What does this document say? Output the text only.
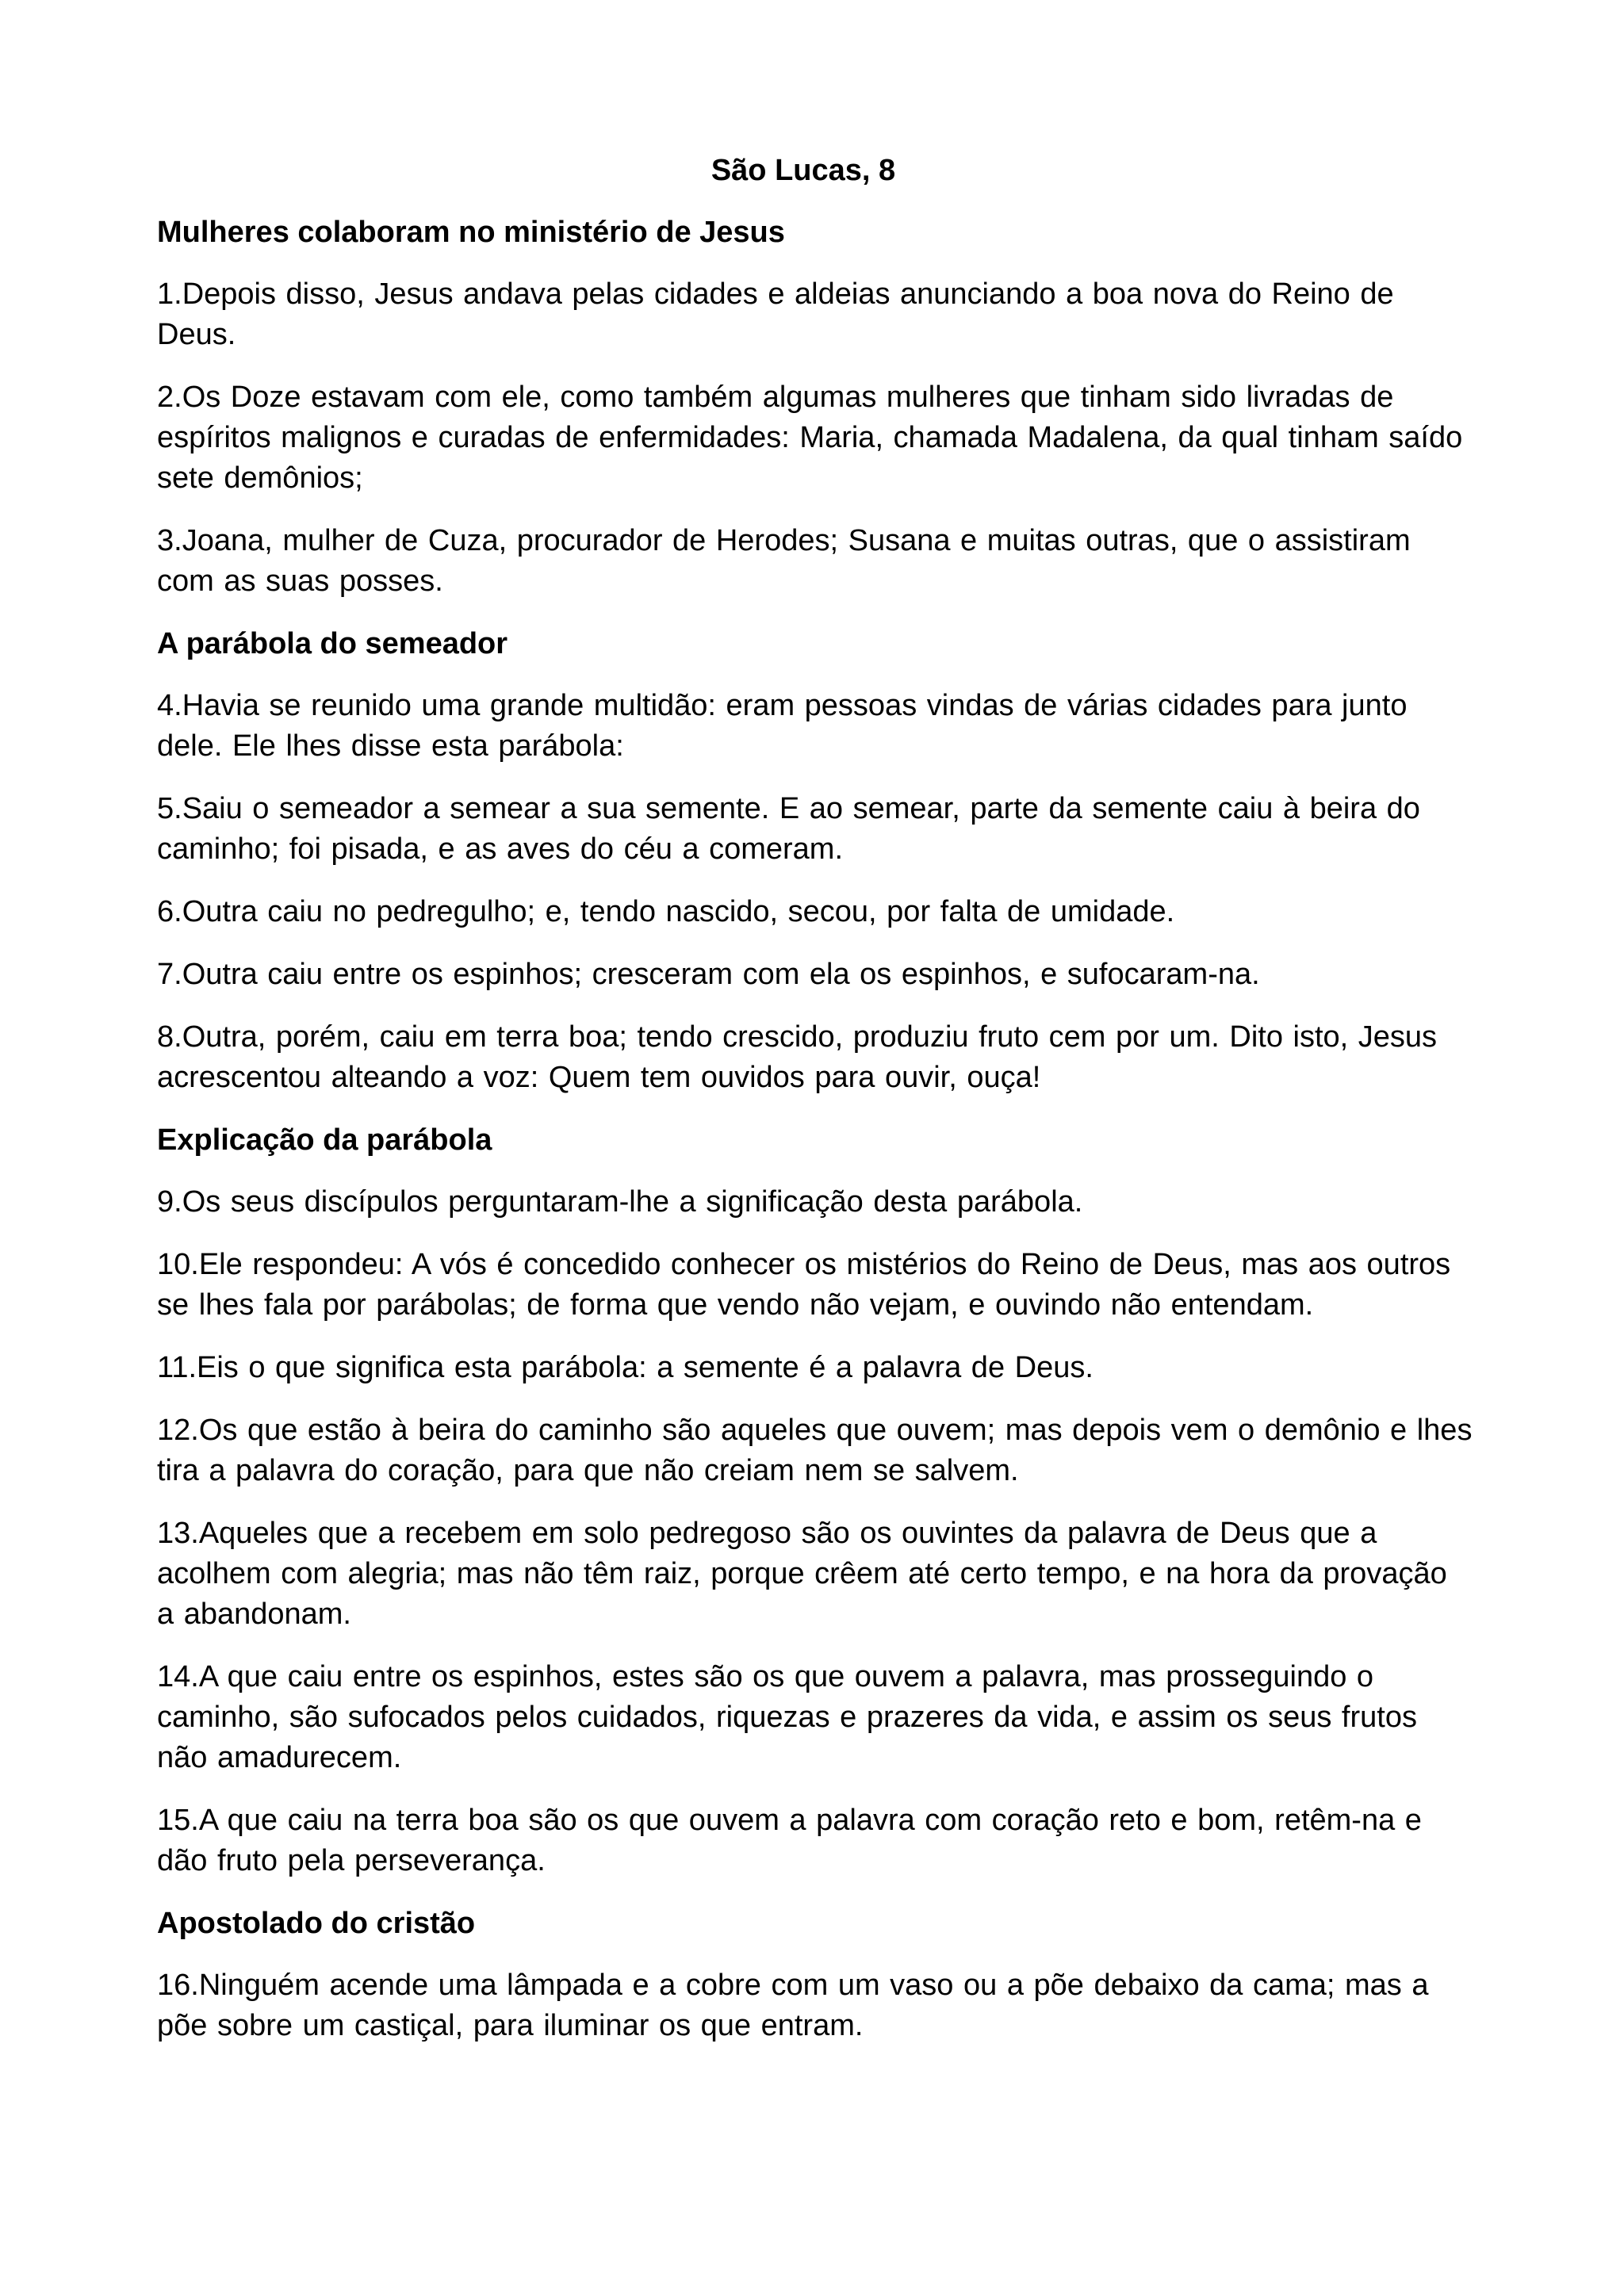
São Lucas, 8
Mulheres colaboram no ministério de Jesus

1.Depois disso, Jesus andava pelas cidades e aldeias anunciando a boa nova do Reino de Deus.

2.Os Doze estavam com ele, como também algumas mulheres que tinham sido livradas de espíritos malignos e curadas de enfermidades: Maria, chamada Madalena, da qual tinham saído sete demônios;

3.Joana, mulher de Cuza, procurador de Herodes; Susana e muitas outras, que o assistiram com as suas posses.

A parábola do semeador

4.Havia se reunido uma grande multidão: eram pessoas vindas de várias cidades para junto dele. Ele lhes disse esta parábola:

5.Saiu o semeador a semear a sua semente. E ao semear, parte da semente caiu à beira do caminho; foi pisada, e as aves do céu a comeram.

6.Outra caiu no pedregulho; e, tendo nascido, secou, por falta de umidade.

7.Outra caiu entre os espinhos; cresceram com ela os espinhos, e sufocaram-na.

8.Outra, porém, caiu em terra boa; tendo crescido, produziu fruto cem por um. Dito isto, Jesus acrescentou alteando a voz: Quem tem ouvidos para ouvir, ouça!

Explicação da parábola

9.Os seus discípulos perguntaram-lhe a significação desta parábola.

10.Ele respondeu: A vós é concedido conhecer os mistérios do Reino de Deus, mas aos outros se lhes fala por parábolas; de forma que vendo não vejam, e ouvindo não entendam.

11.Eis o que significa esta parábola: a semente é a palavra de Deus.

12.Os que estão à beira do caminho são aqueles que ouvem; mas depois vem o demônio e lhes tira a palavra do coração, para que não creiam nem se salvem.

13.Aqueles que a recebem em solo pedregoso são os ouvintes da palavra de Deus que a acolhem com alegria; mas não têm raiz, porque crêem até certo tempo, e na hora da provação a abandonam.

14.A que caiu entre os espinhos, estes são os que ouvem a palavra, mas prosseguindo o caminho, são sufocados pelos cuidados, riquezas e prazeres da vida, e assim os seus frutos não amadurecem.

15.A que caiu na terra boa são os que ouvem a palavra com coração reto e bom, retêm-na e dão fruto pela perseverança.

Apostolado do cristão

16.Ninguém acende uma lâmpada e a cobre com um vaso ou a põe debaixo da cama; mas a põe sobre um castiçal, para iluminar os que entram.
